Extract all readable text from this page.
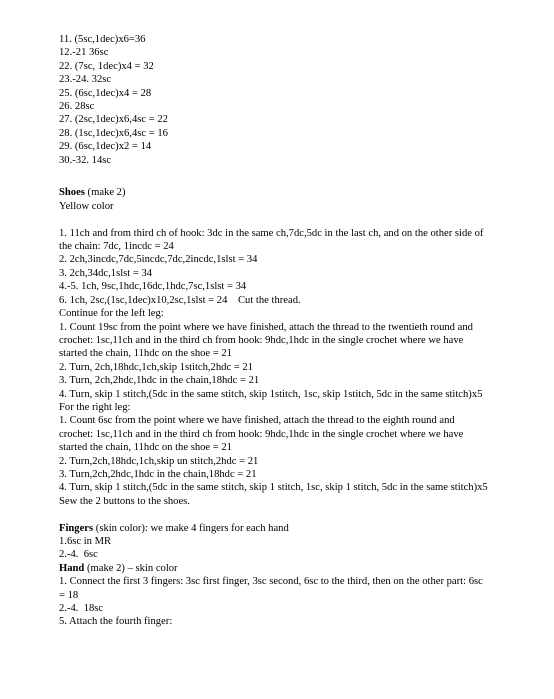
11. (5sc,1dec)x6=36
12.-21 36sc
22. (7sc, 1dec)x4 = 32
23.-24. 32sc
25. (6sc,1dec)x4 = 28
26. 28sc
27. (2sc,1dec)x6,4sc = 22
28. (1sc,1dec)x6,4sc = 16
29. (6sc,1dec)x2 = 14
30.-32. 14sc
Shoes (make 2)
Yellow color
1. 11ch and from third ch of hook: 3dc in the same ch,7dc,5dc in the last ch, and on the other side of the chain: 7dc, 1incdc = 24
2. 2ch,3incdc,7dc,5incdc,7dc,2incdc,1slst = 34
3. 2ch,34dc,1slst = 34
4.-5. 1ch, 9sc,1hdc,16dc,1hdc,7sc,1slst = 34
6. 1ch, 2sc,(1sc,1dec)x10,2sc,1slst = 24    Cut the thread.
Continue for the left leg:
1. Count 19sc from the point where we have finished, attach the thread to the twentieth round and crochet: 1sc,11ch and in the third ch from hook: 9hdc,1hdc in the single crochet where we have started the chain, 11hdc on the shoe = 21
2. Turn, 2ch,18hdc,1ch,skip 1stitch,2hdc = 21
3. Turn, 2ch,2hdc,1hdc in the chain,18hdc = 21
4. Turn, skip 1 stitch,(5dc in the same stitch, skip 1stitch, 1sc, skip 1stitch, 5dc in the same stitch)x5
For the right leg:
1. Count 6sc from the point where we have finished, attach the thread to the eighth round and crochet: 1sc,11ch and in the third ch from hook: 9hdc,1hdc in the single crochet where we have started the chain, 11hdc on the shoe = 21
2. Turn,2ch,18hdc,1ch,skip un stitch,2hdc = 21
3. Turn,2ch,2hdc,1hdc in the chain,18hdc = 21
4. Turn, skip 1 stitch,(5dc in the same stitch, skip 1 stitch, 1sc, skip 1 stitch, 5dc in the same stitch)x5
Sew the 2 buttons to the shoes.
Fingers (skin color): we make 4 fingers for each hand
1.6sc in MR
2.-4.  6sc
Hand (make 2) – skin color
1. Connect the first 3 fingers: 3sc first finger, 3sc second, 6sc to the third, then on the other part: 6sc = 18
2.-4.  18sc
5. Attach the fourth finger:
